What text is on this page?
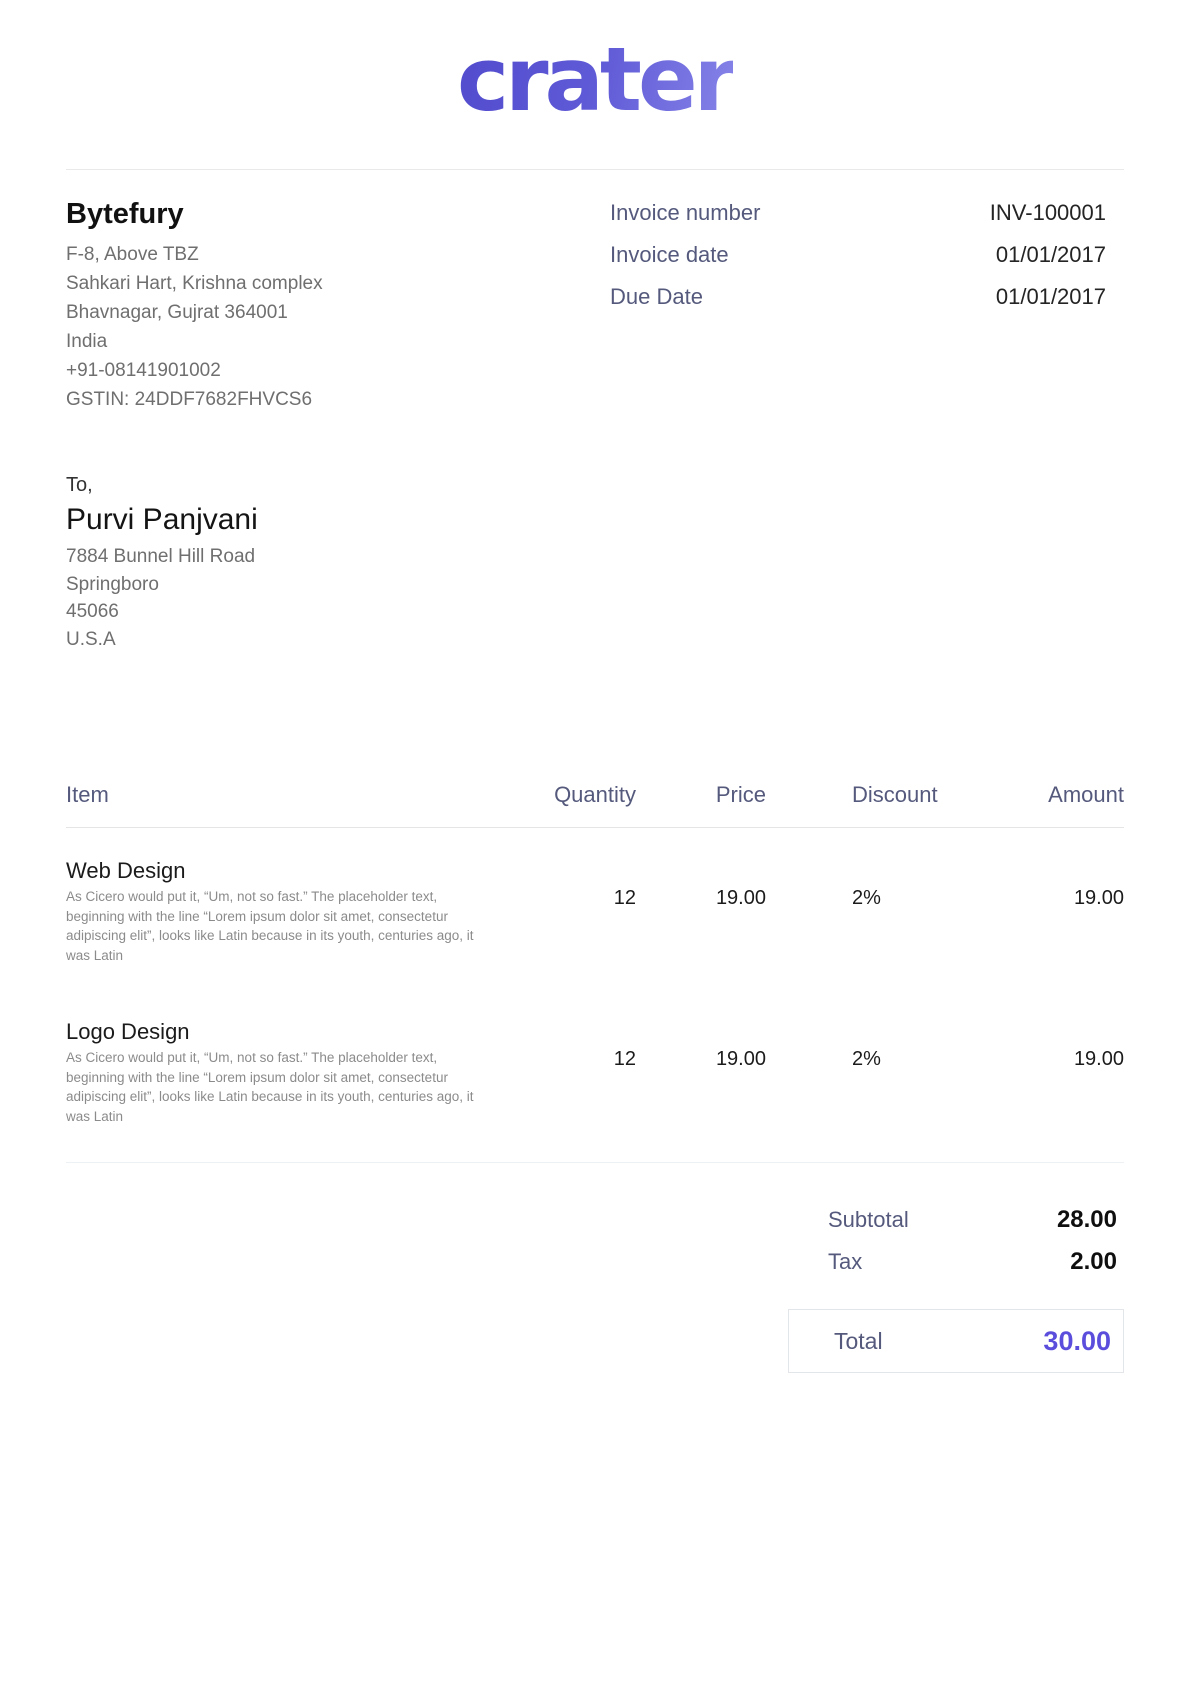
crater
Bytefury
F-8, Above TBZ
Sahkari Hart, Krishna complex
Bhavnagar, Gujrat 364001
India
+91-08141901002
GSTIN: 24DDF7682FHVCS6
Invoice number	INV-100001
Invoice date	01/01/2017
Due Date	01/01/2017
To,
Purvi Panjvani
7884 Bunnel Hill Road
Springboro
45066
U.S.A
Item	Quantity	Price	Discount	Amount
Web Design
As Cicero would put it, “Um, not so fast.” The placeholder text, beginning with the line “Lorem ipsum dolor sit amet, consectetur adipiscing elit”, looks like Latin because in its youth, centuries ago, it was Latin
12	19.00	2%	19.00
Logo Design
As Cicero would put it, “Um, not so fast.” The placeholder text, beginning with the line “Lorem ipsum dolor sit amet, consectetur adipiscing elit”, looks like Latin because in its youth, centuries ago, it was Latin
12	19.00	2%	19.00
Subtotal	28.00
Tax	2.00
Total	30.00
